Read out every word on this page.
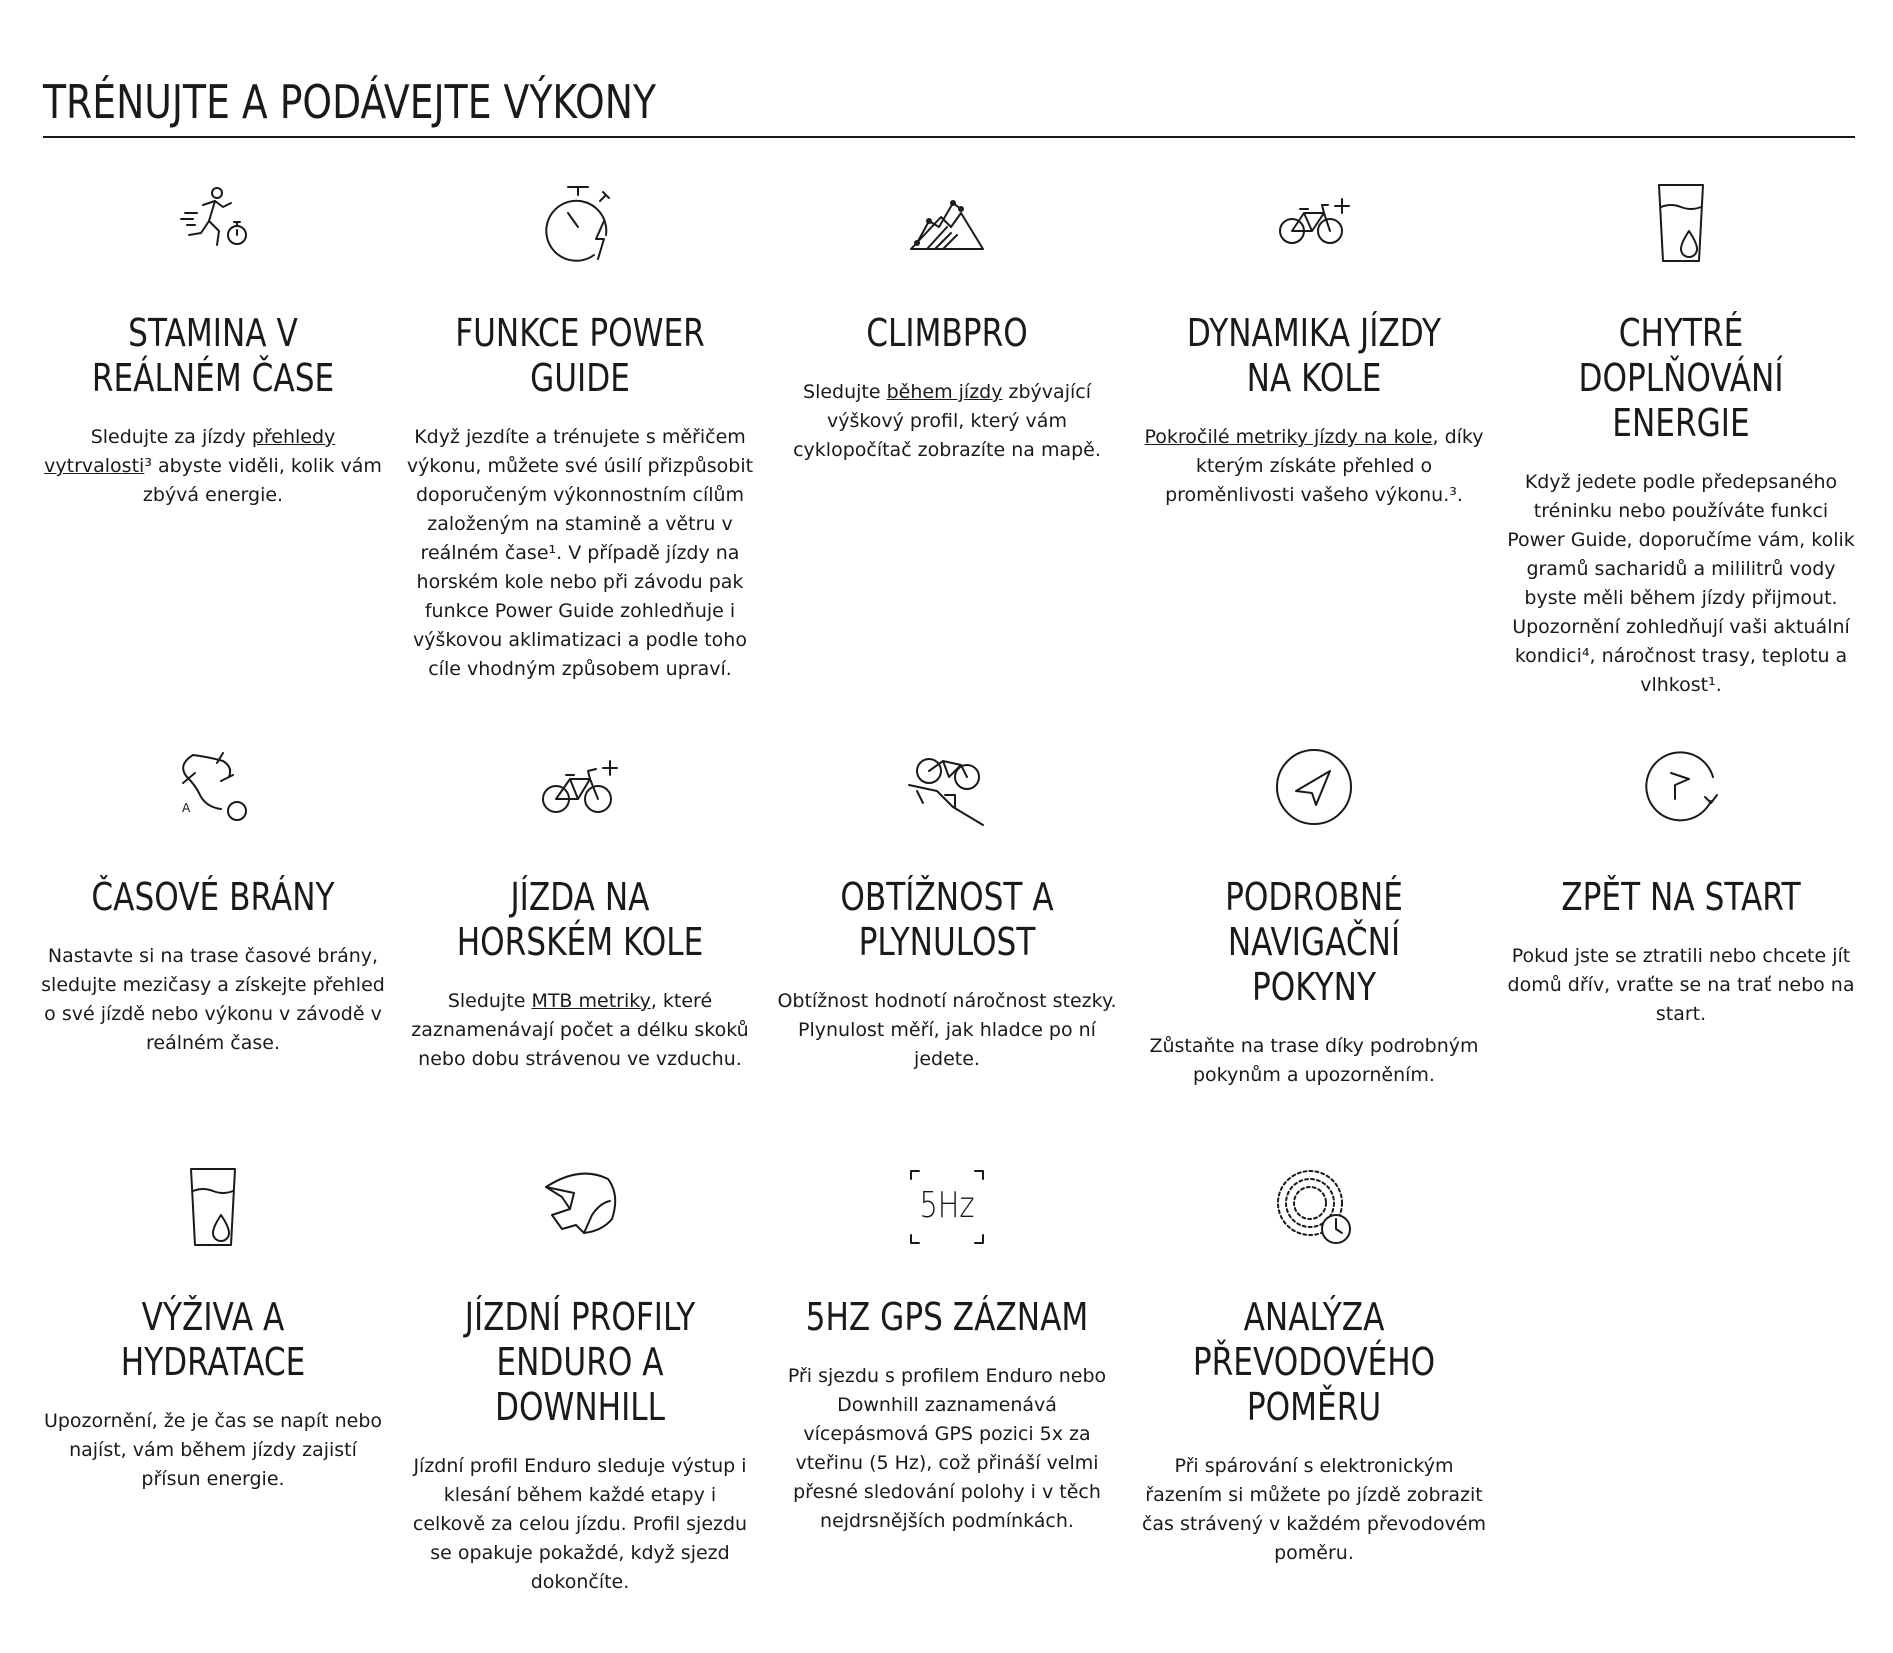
TRÉNUJTE A PODÁVEJTE VÝKONY
STAMINA V REÁLNÉM ČASE
Sledujte za jízdy přehledy vytrvalosti³ abyste viděli, kolik vám zbývá energie.
FUNKCE POWER GUIDE
Když jezdíte a trénujete s měřičem výkonu, můžete své úsilí přizpůsobit doporučeným výkonnostním cílům založeným na stamině a větru v reálném čase¹. V případě jízdy na horském kole nebo při závodu pak funkce Power Guide zohledňuje i výškovou aklimatizaci a podle toho cíle vhodným způsobem upraví.
CLIMBPRO
Sledujte během jízdy zbývající výškový profil, který vám cyklopočítač zobrazíte na mapě.
DYNAMIKA JÍZDY NA KOLE
Pokročilé metriky jízdy na kole, díky kterým získáte přehled o proměnlivosti vašeho výkonu.³.
CHYTRÉ DOPLŇOVÁNÍ ENERGIE
Když jedete podle předepsaného tréninku nebo používáte funkci Power Guide, doporučíme vám, kolik gramů sacharidů a mililitrů vody byste měli během jízdy přijmout. Upozornění zohledňují vaši aktuální kondici⁴, náročnost trasy, teplotu a vlhkost¹.
A
ČASOVÉ BRÁNY
Nastavte si na trase časové brány, sledujte mezičasy a získejte přehled o své jízdě nebo výkonu v závodě v reálném čase.
JÍZDA NA HORSKÉM KOLE
Sledujte MTB metriky, které zaznamenávají počet a délku skoků nebo dobu strávenou ve vzduchu.
OBTÍŽNOST A PLYNULOST
Obtížnost hodnotí náročnost stezky. Plynulost měří, jak hladce po ní jedete.
PODROBNÉ NAVIGAČNÍ POKYNY
Zůstaňte na trase díky podrobným pokynům a upozorněním.
ZPĚT NA START
Pokud jste se ztratili nebo chcete jít domů dřív, vraťte se na trať nebo na start.
VÝŽIVA A HYDRATACE
Upozornění, že je čas se napít nebo najíst, vám během jízdy zajistí přísun energie.
JÍZDNÍ PROFILY ENDURO A DOWNHILL
Jízdní profil Enduro sleduje výstup i klesání během každé etapy i celkově za celou jízdu. Profil sjezdu se opakuje pokaždé, když sjezd dokončíte.
5Hz
5HZ GPS ZÁZNAM
Při sjezdu s profilem Enduro nebo Downhill zaznamenává vícepásmová GPS pozici 5x za vteřinu (5 Hz), což přináší velmi přesné sledování polohy i v těch nejdrsnějších podmínkách.
ANALÝZA PŘEVODOVÉHO POMĚRU
Při spárování s elektronickým řazením si můžete po jízdě zobrazit čas strávený v každém převodovém poměru.
